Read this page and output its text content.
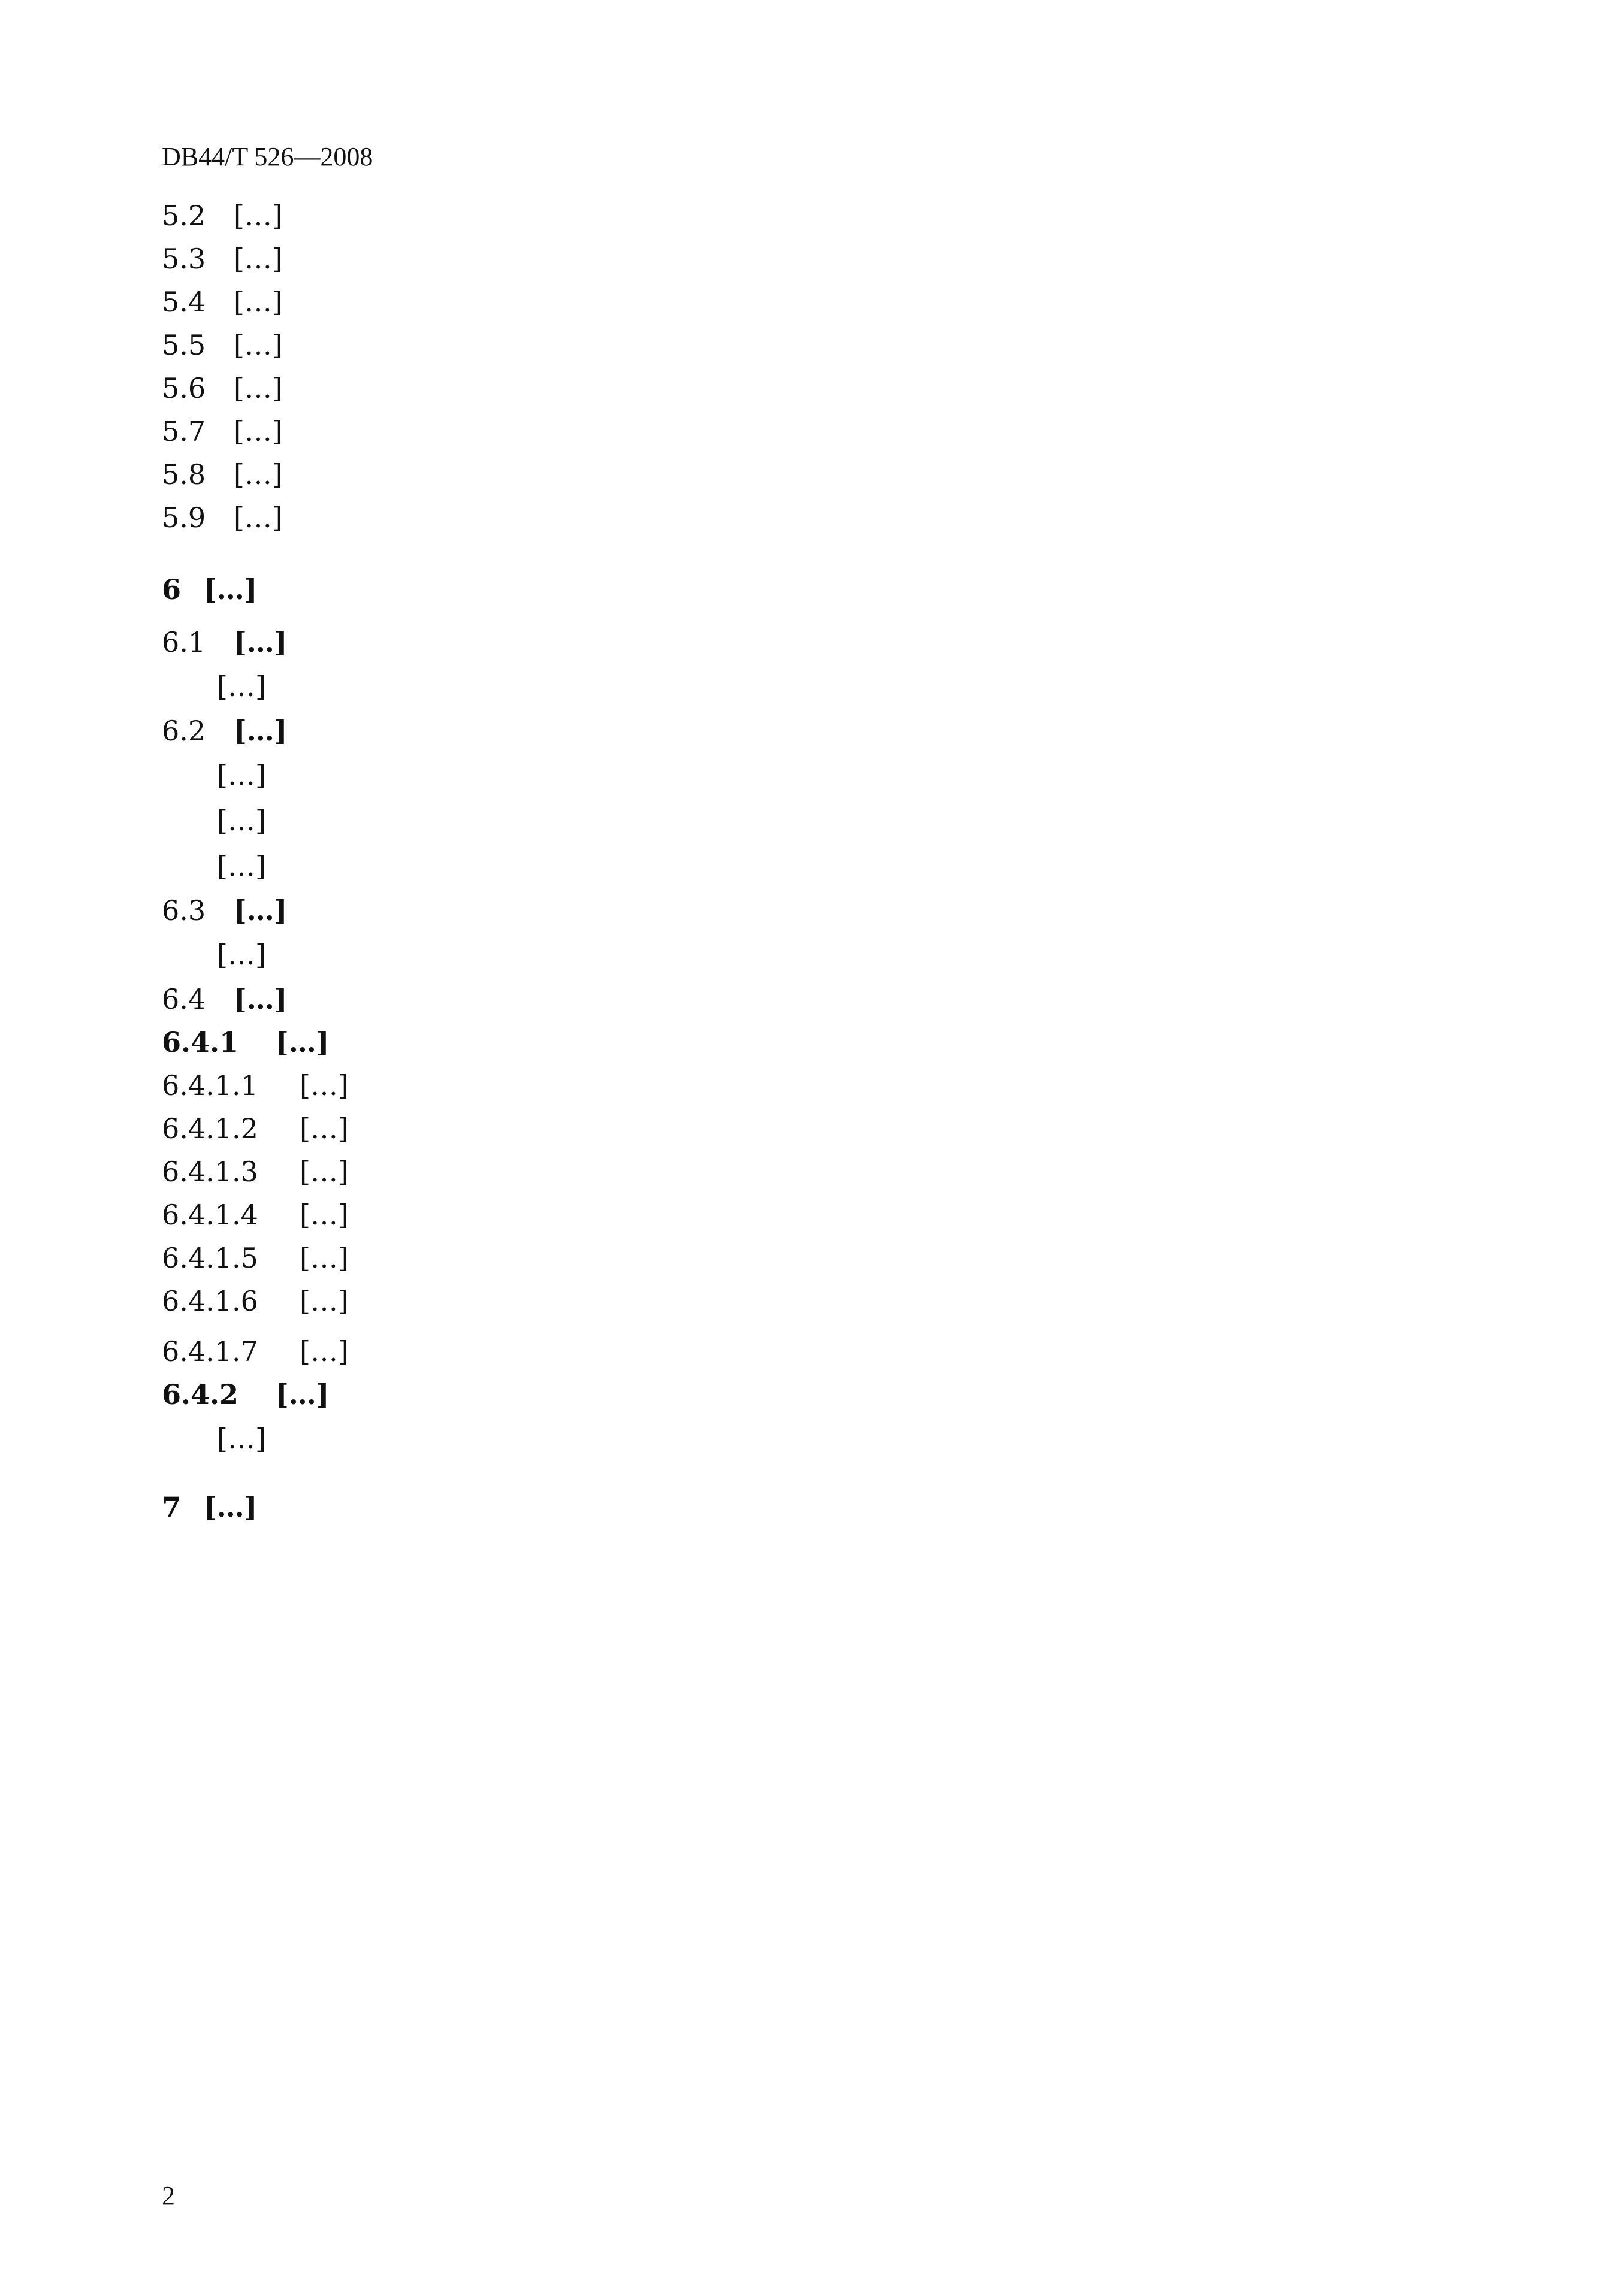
DB44/T 526—2008
5.2 […]
5.3 […]
5.4 […]
5.5 […]
5.6 […]
5.7 […]
5.8 […]
5.9 […]
6 […]
6.1 […]

[…]

6.2 […]

[…]

[…]

[…]

6.3 […]

[…]

6.4 […]
6.4.1 […]
6.4.1.1 […]
6.4.1.2 […]
6.4.1.3 […]
6.4.1.4 […]
6.4.1.5 […]
6.4.1.6 […]
6.4.1.7 […]
6.4.2 […]

[…]

7 […]
2
